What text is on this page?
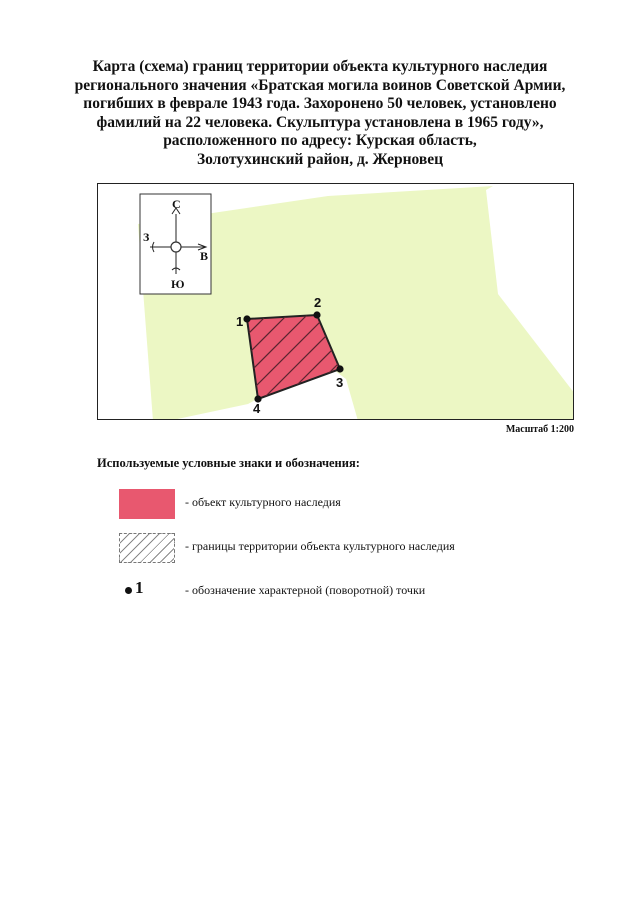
Карта (схема) границ территории объекта культурного наследия
регионального значения «Братская могила воинов Советской Армии,
погибших в феврале 1943 года. Захоронено 50 человек, установлено
фамилий на 22 человека. Скульптура установлена в 1965 году»,
расположенного по адресу: Курская область,
Золотухинский район, д. Жерновец
1
2
3
4
С
Ю
З
В
Масштаб 1:200
Используемые условные знаки и обозначения:
- объект культурного наследия
- границы территории объекта культурного наследия
1	- обозначение характерной (поворотной) точки
